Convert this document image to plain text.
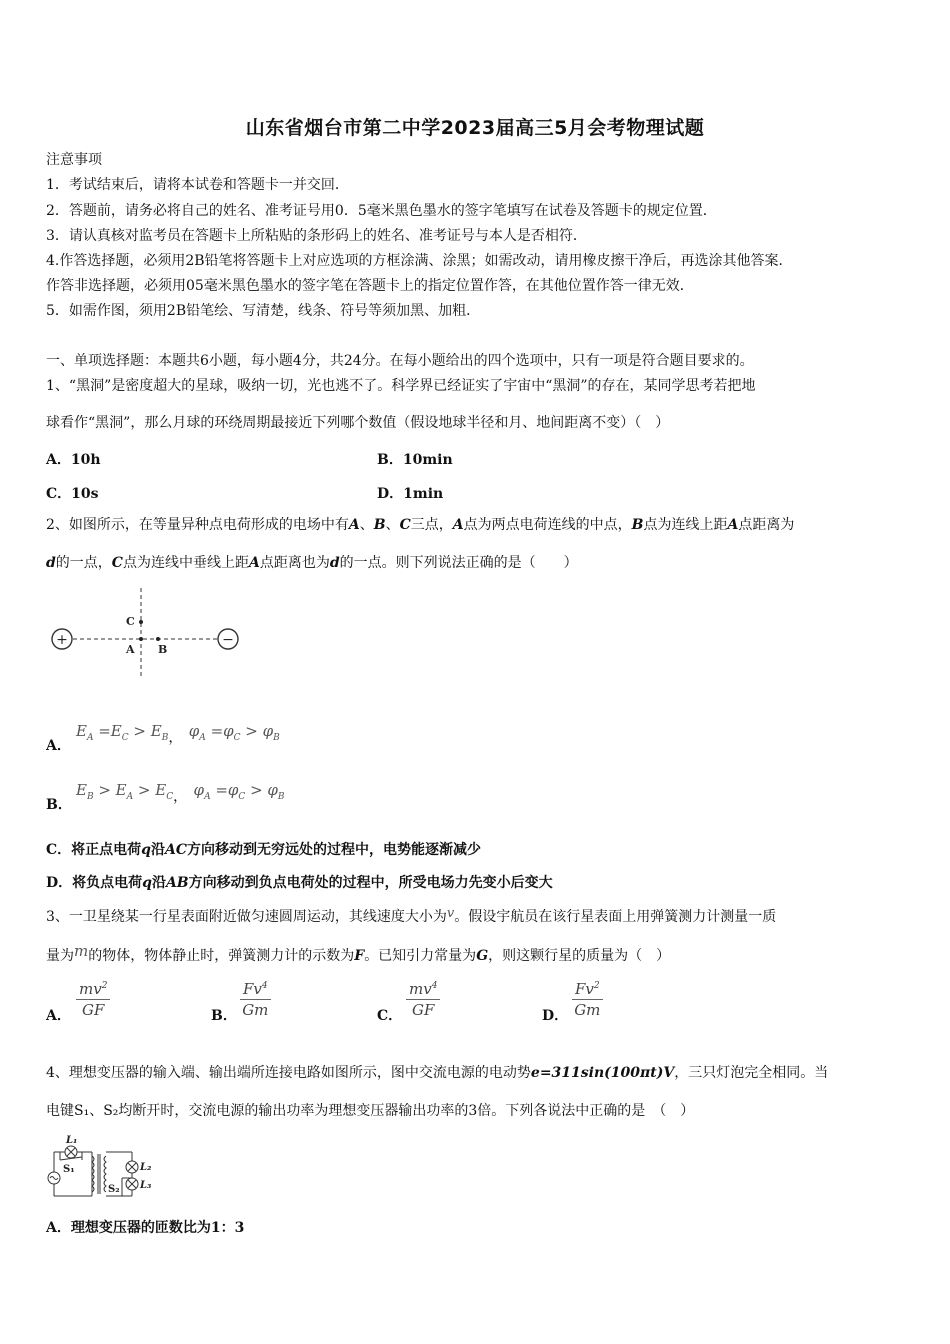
山东省烟台市第二中学2023届高三5月会考物理试题
注意事项
1．考试结束后，请将本试卷和答题卡一并交回．
2．答题前，请务必将自己的姓名、准考证号用0．5毫米黑色墨水的签字笔填写在试卷及答题卡的规定位置．
3．请认真核对监考员在答题卡上所粘贴的条形码上的姓名、准考证号与本人是否相符．
4.作答选择题，必须用2B铅笔将答题卡上对应选项的方框涂满、涂黑；如需改动，请用橡皮擦干净后，再选涂其他答案．
作答非选择题，必须用05毫米黑色墨水的签字笔在答题卡上的指定位置作答，在其他位置作答一律无效．
5．如需作图，须用2B铅笔绘、写清楚，线条、符号等须加黑、加粗．
一、单项选择题：本题共6小题，每小题4分，共24分。在每小题给出的四个选项中，只有一项是符合题目要求的。
1、“黑洞”是密度超大的星球，吸纳一切，光也逃不了。科学界已经证实了宇宙中“黑洞”的存在，某同学思考若把地
球看作“黑洞”，那么月球的环绕周期最接近下列哪个数值（假设地球半径和月、地间距离不变）（　）
A．10h	B．10min
C．10s	D．1min
2、如图所示，在等量异种点电荷形成的电场中有A、B、C三点，A点为两点电荷连线的中点，B点为连线上距A点距离为
d的一点，C点为连线中垂线上距A点距离也为d的一点。则下列说法正确的是（　　）
+	−
C
A B
A．
$E_A =E_C > E_B$， $\varphi_A =\varphi_C > \varphi_B$
B．
$E_B > E_A > E_C$， $\varphi_A =\varphi_C > \varphi_B$
C．将正点电荷q沿AC方向移动到无穷远处的过程中，电势能逐渐减少
D．将负点电荷q沿AB方向移动到负点电荷处的过程中，所受电场力先变小后变大
3、一卫星绕某一行星表面附近做匀速圆周运动，其线速度大小为v。假设宇航员在该行星表面上用弹簧测力计测量一质
量为m的物体，物体静止时，弹簧测力计的示数为F。已知引力常量为G，则这颗行星的质量为（　）
A． $\frac{mv^2}{GF}$	B． $\frac{Fv^4}{Gm}$	C． $\frac{mv^4}{GF}$	D． $\frac{Fv^2}{Gm}$
4、理想变压器的输入端、输出端所连接电路如图所示，图中交流电源的电动势e=311sin(100πt)V，三只灯泡完全相同。当
电键S₁、S₂均断开时，交流电源的输出功率为理想变压器输出功率的3倍。下列各说法中正确的是　（　）
L₁
S₁	L₂
L₃
S₂
A．理想变压器的匝数比为1：3
